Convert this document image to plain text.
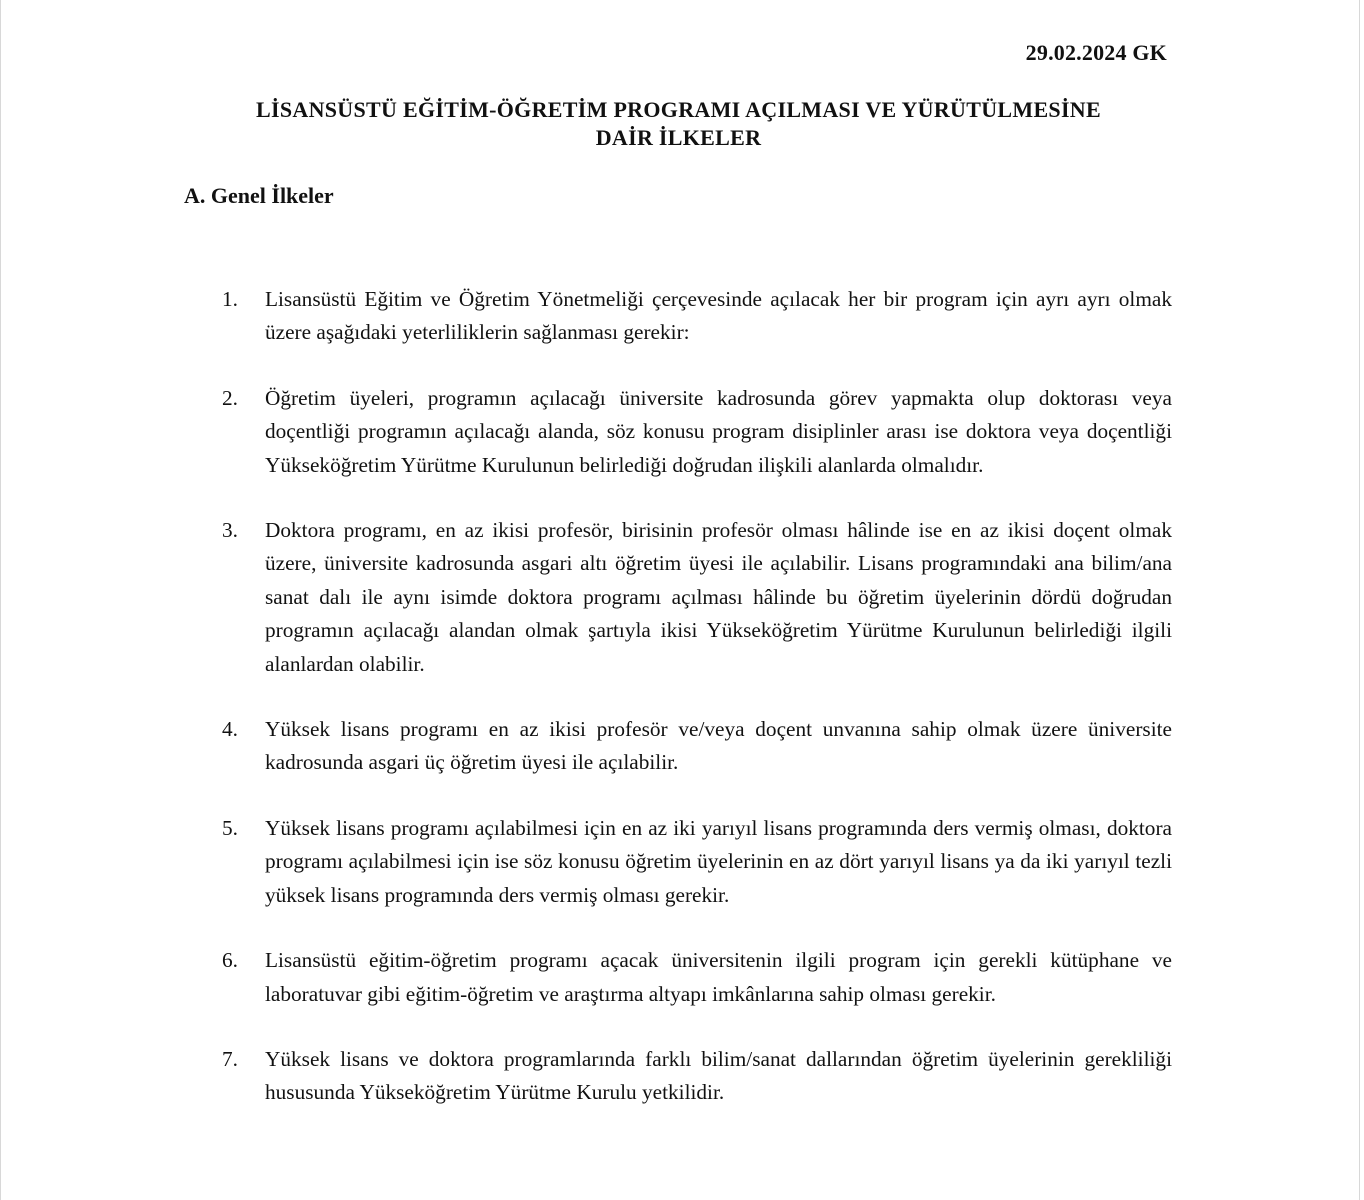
29.02.2024 GK
LİSANSÜSTÜ EĞİTİM-ÖĞRETİM PROGRAMI AÇILMASI VE YÜRÜTÜLMESİNE
DAİR İLKELER
A. Genel İlkeler
1.	Lisansüstü Eğitim ve Öğretim Yönetmeliği çerçevesinde açılacak her bir program için ayrı ayrı olmak üzere aşağıdaki yeterliliklerin sağlanması gerekir:
2.	Öğretim üyeleri, programın açılacağı üniversite kadrosunda görev yapmakta olup doktorası veya doçentliği programın açılacağı alanda, söz konusu program disiplinler arası ise doktora veya doçentliği Yükseköğretim Yürütme Kurulunun belirlediği doğrudan ilişkili alanlarda olmalıdır.
3.	Doktora programı, en az ikisi profesör, birisinin profesör olması hâlinde ise en az ikisi doçent olmak üzere, üniversite kadrosunda asgari altı öğretim üyesi ile açılabilir. Lisans programındaki ana bilim/ana sanat dalı ile aynı isimde doktora programı açılması hâlinde bu öğretim üyelerinin dördü doğrudan programın açılacağı alandan olmak şartıyla ikisi Yükseköğretim Yürütme Kurulunun belirlediği ilgili alanlardan olabilir.
4.	Yüksek lisans programı en az ikisi profesör ve/veya doçent unvanına sahip olmak üzere üniversite kadrosunda asgari üç öğretim üyesi ile açılabilir.
5.	Yüksek lisans programı açılabilmesi için en az iki yarıyıl lisans programında ders vermiş olması, doktora programı açılabilmesi için ise söz konusu öğretim üyelerinin en az dört yarıyıl lisans ya da iki yarıyıl tezli yüksek lisans programında ders vermiş olması gerekir.
6.	Lisansüstü eğitim-öğretim programı açacak üniversitenin ilgili program için gerekli kütüphane ve laboratuvar gibi eğitim-öğretim ve araştırma altyapı imkânlarına sahip olması gerekir.
7.	Yüksek lisans ve doktora programlarında farklı bilim/sanat dallarından öğretim üyelerinin gerekliliği hususunda Yükseköğretim Yürütme Kurulu yetkilidir.
